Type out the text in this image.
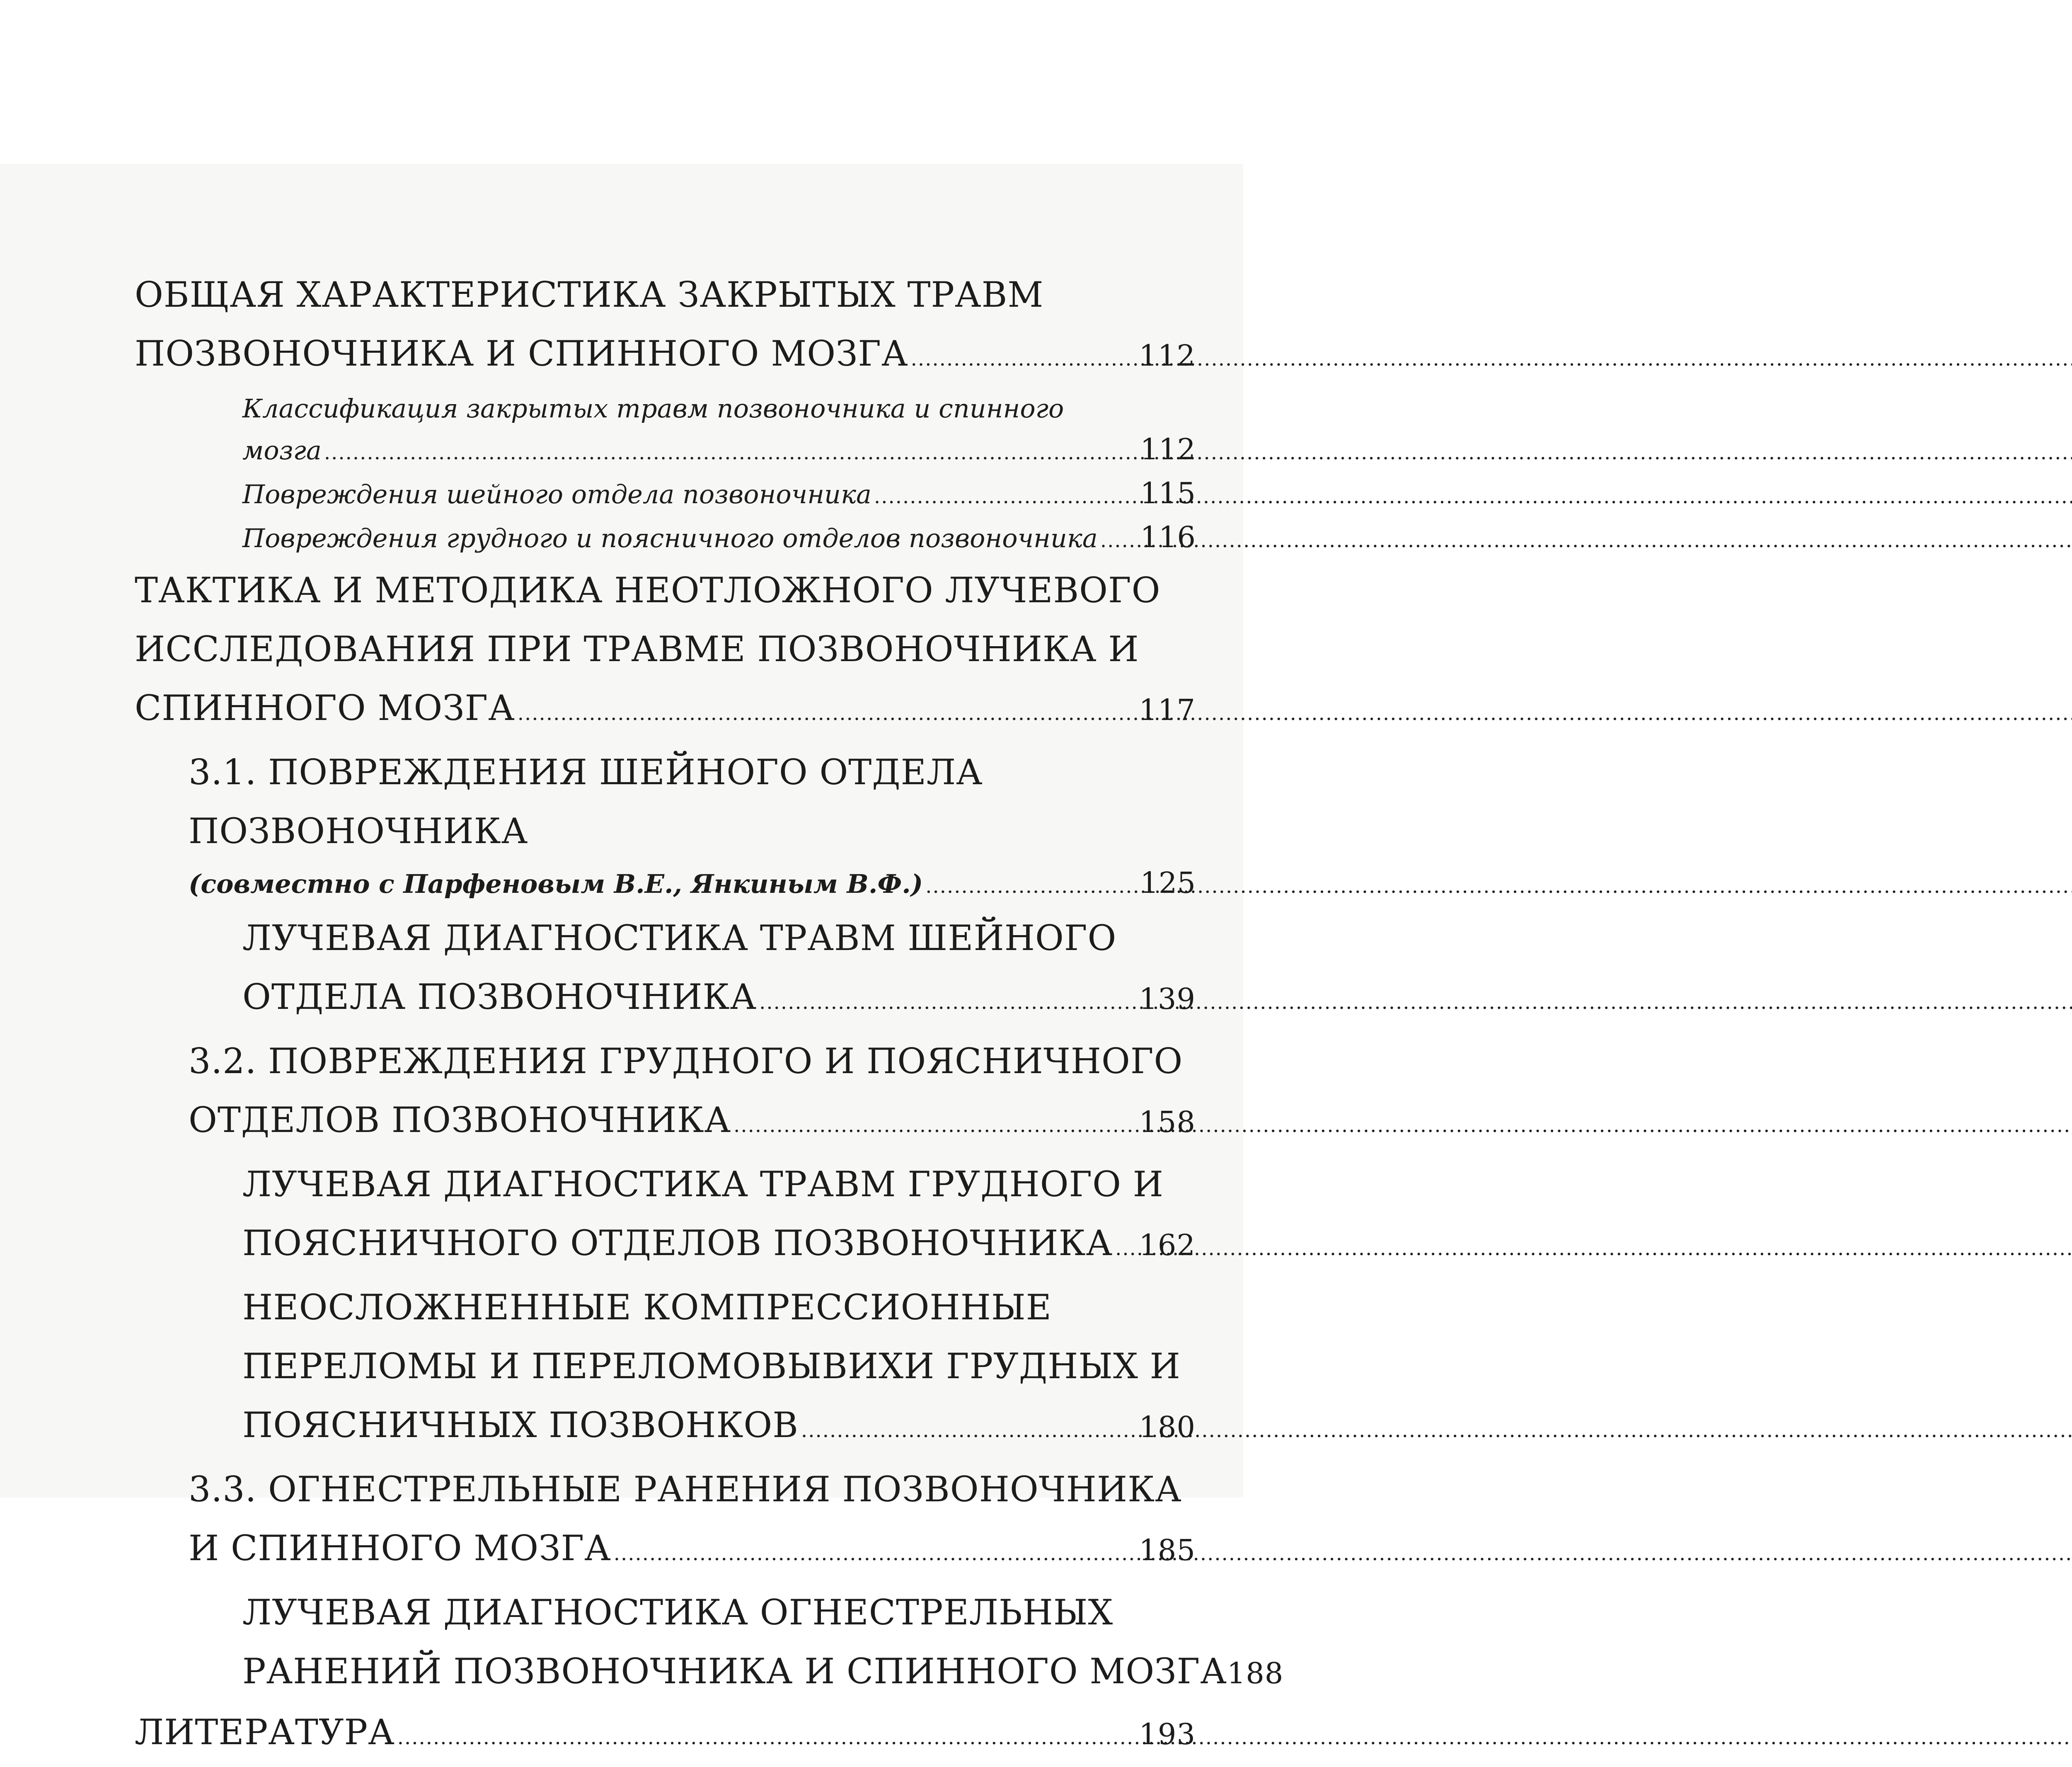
ОБЩАЯ ХАРАКТЕРИСТИКА ЗАКРЫТЫХ ТРАВМ
ПОЗВОНОЧНИКА И СПИННОГО МОЗГА .....	112
Классификация закрытых травм позвоночника и спинного
мозга .....	112
Повреждения шейного отдела позвоночника .....	115
Повреждения грудного и поясничного отделов позвоночника ..... 116
ТАКТИКА И МЕТОДИКА НЕОТЛОЖНОГО ЛУЧЕВОГО
ИССЛЕДОВАНИЯ ПРИ ТРАВМЕ ПОЗВОНОЧНИКА И
СПИННОГО МОЗГА .....	117
3.1. ПОВРЕЖДЕНИЯ ШЕЙНОГО ОТДЕЛА
ПОЗВОНОЧНИКА
(совместно с Парфеновым В.Е., Янкиным В.Ф.) .....	125
ЛУЧЕВАЯ ДИАГНОСТИКА ТРАВМ ШЕЙНОГО
ОТДЕЛА ПОЗВОНОЧНИКА .....	139
3.2. ПОВРЕЖДЕНИЯ ГРУДНОГО И ПОЯСНИЧНОГО
ОТДЕЛОВ ПОЗВОНОЧНИКА .....	158
ЛУЧЕВАЯ ДИАГНОСТИКА ТРАВМ ГРУДНОГО И
ПОЯСНИЧНОГО ОТДЕЛОВ ПОЗВОНОЧНИКА ..... 162
НЕОСЛОЖНЕННЫЕ КОМПРЕССИОННЫЕ
ПЕРЕЛОМЫ И ПЕРЕЛОМОВЫВИХИ ГРУДНЫХ И
ПОЯСНИЧНЫХ ПОЗВОНКОВ .....	180
3.3. ОГНЕСТРЕЛЬНЫЕ РАНЕНИЯ ПОЗВОНОЧНИКА
И СПИННОГО МОЗГА .....	185
ЛУЧЕВАЯ ДИАГНОСТИКА ОГНЕСТРЕЛЬНЫХ
РАНЕНИЙ ПОЗВОНОЧНИКА И СПИННОГО МОЗГА 188
ЛИТЕРАТУРА .....	193
